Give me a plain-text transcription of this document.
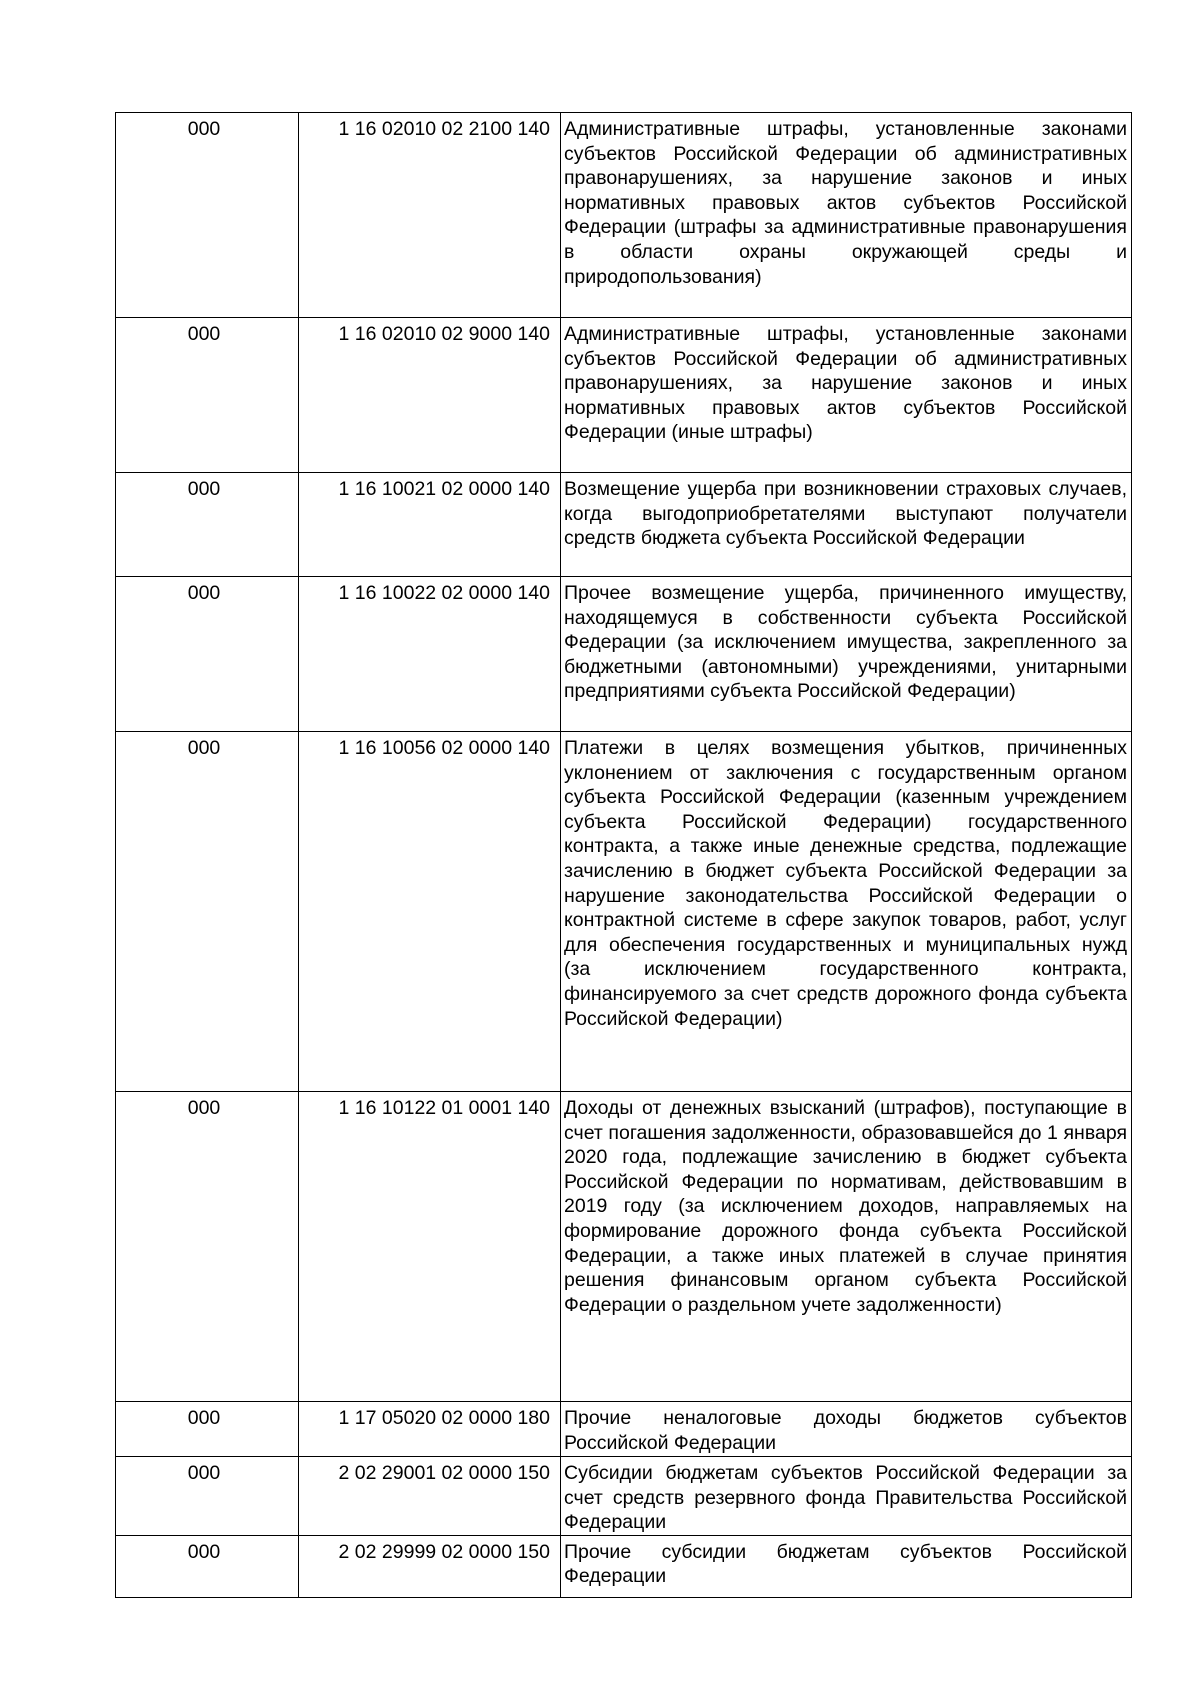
000	1 16 02010 02 2100 140	Административные штрафы, установленные законами субъектов Российской Федерации об административных правонарушениях, за нарушение законов и иных нормативных правовых актов субъектов Российской Федерации (штрафы за административные правонарушения в области охраны окружающей среды и природопользования)
000	1 16 02010 02 9000 140	Административные штрафы, установленные законами субъектов Российской Федерации об административных правонарушениях, за нарушение законов и иных нормативных правовых актов субъектов Российской Федерации (иные штрафы)
000	1 16 10021 02 0000 140	Возмещение ущерба при возникновении страховых случаев, когда выгодоприобретателями выступают получатели средств бюджета субъекта Российской Федерации
000	1 16 10022 02 0000 140	Прочее возмещение ущерба, причиненного имуществу, находящемуся в собственности субъекта Российской Федерации (за исключением имущества, закрепленного за бюджетными (автономными) учреждениями, унитарными предприятиями субъекта Российской Федерации)
000	1 16 10056 02 0000 140	Платежи в целях возмещения убытков, причиненных уклонением от заключения с государственным органом субъекта Российской Федерации (казенным учреждением субъекта Российской Федерации) государственного контракта, а также иные денежные средства, подлежащие зачислению в бюджет субъекта Российской Федерации за нарушение законодательства Российской Федерации о контрактной системе в сфере закупок товаров, работ, услуг для обеспечения государственных и муниципальных нужд (за исключением государственного контракта, финансируемого за счет средств дорожного фонда субъекта Российской Федерации)
000	1 16 10122 01 0001 140	Доходы от денежных взысканий (штрафов), поступающие в счет погашения задолженности, образовавшейся до 1 января 2020 года, подлежащие зачислению в бюджет субъекта Российской Федерации по нормативам, действовавшим в 2019 году (за исключением доходов, направляемых на формирование дорожного фонда субъекта Российской Федерации, а также иных платежей в случае принятия решения финансовым органом субъекта Российской Федерации о раздельном учете задолженности)
000	1 17 05020 02 0000 180	Прочие неналоговые доходы бюджетов субъектов Российской Федерации
000	2 02 29001 02 0000 150	Субсидии бюджетам субъектов Российской Федерации за счет средств резервного фонда Правительства Российской Федерации
000	2 02 29999 02 0000 150	Прочие субсидии бюджетам субъектов Российской Федерации
